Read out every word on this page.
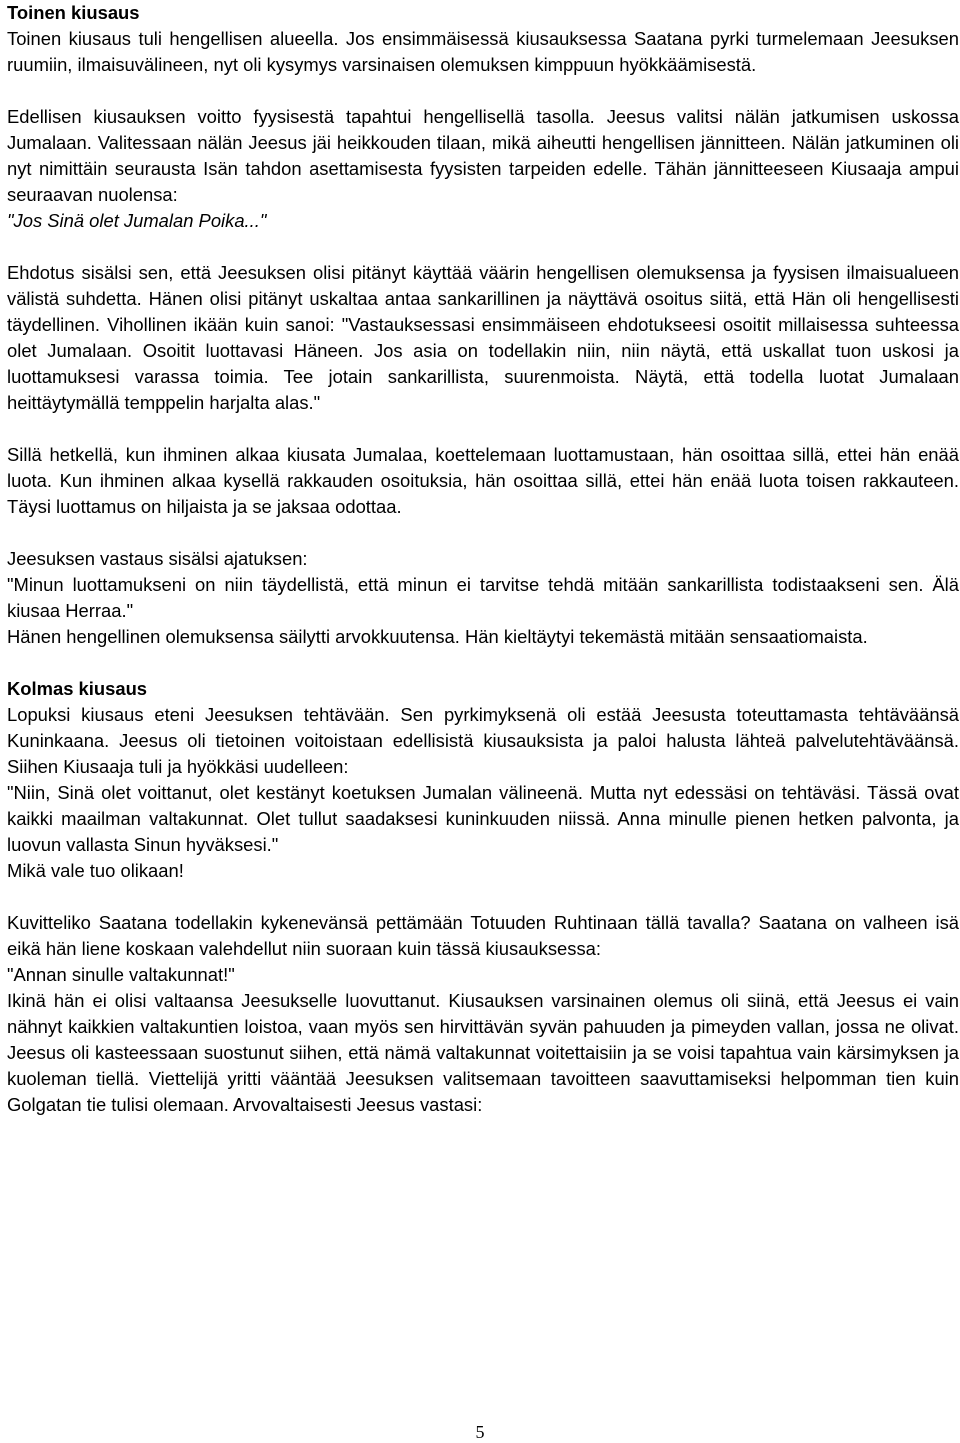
Toinen kiusaus

Toinen kiusaus tuli hengellisen alueella. Jos ensimmäisessä kiusauksessa Saatana pyrki turmelemaan Jeesuksen ruumiin, ilmaisuvälineen, nyt oli kysymys varsinaisen olemuksen kimppuun hyökkäämisestä.

Edellisen kiusauksen voitto fyysisestä tapahtui hengellisellä tasolla. Jeesus valitsi nälän jatkumisen uskossa Jumalaan. Valitessaan nälän Jeesus jäi heikkouden tilaan, mikä aiheutti hengellisen jännitteen. Nälän jatkuminen oli nyt nimittäin seurausta Isän tahdon asettamisesta fyysisten tarpeiden edelle. Tähän jännitteeseen Kiusaaja ampui seuraavan nuolensa:

"Jos Sinä olet Jumalan Poika..."

Ehdotus sisälsi sen, että Jeesuksen olisi pitänyt käyttää väärin hengellisen olemuksensa ja fyysisen ilmaisualueen välistä suhdetta. Hänen olisi pitänyt uskaltaa antaa sankarillinen ja näyttävä osoitus siitä, että Hän oli hengellisesti täydellinen. Vihollinen ikään kuin sanoi: "Vastauksessasi ensimmäiseen ehdotukseesi osoitit millaisessa suhteessa olet Jumalaan. Osoitit luottavasi Häneen. Jos asia on todellakin niin, niin näytä, että uskallat tuon uskosi ja luottamuksesi varassa toimia. Tee jotain sankarillista, suurenmoista. Näytä, että todella luotat Jumalaan heittäytymällä temppelin harjalta alas."

Sillä hetkellä, kun ihminen alkaa kiusata Jumalaa, koettelemaan luottamustaan, hän osoittaa sillä, ettei hän enää luota. Kun ihminen alkaa kysellä rakkauden osoituksia, hän osoittaa sillä, ettei hän enää luota toisen rakkauteen. Täysi luottamus on hiljaista ja se jaksaa odottaa.

Jeesuksen vastaus sisälsi ajatuksen:

"Minun luottamukseni on niin täydellistä, että minun ei tarvitse tehdä mitään sankarillista todistaakseni sen. Älä kiusaa Herraa."

Hänen hengellinen olemuksensa säilytti arvokkuutensa. Hän kieltäytyi tekemästä mitään sensaatiomaista.

Kolmas kiusaus

Lopuksi kiusaus eteni Jeesuksen tehtävään. Sen pyrkimyksenä oli estää Jeesusta toteuttamasta tehtäväänsä Kuninkaana. Jeesus oli tietoinen voitoistaan edellisistä kiusauksista ja paloi halusta lähteä palvelutehtäväänsä. Siihen Kiusaaja tuli ja hyökkäsi uudelleen:

"Niin, Sinä olet voittanut, olet kestänyt koetuksen Jumalan välineenä. Mutta nyt edessäsi on tehtäväsi. Tässä ovat kaikki maailman valtakunnat. Olet tullut saadaksesi kuninkuuden niissä. Anna minulle pienen hetken palvonta, ja luovun vallasta Sinun hyväksesi."

Mikä vale tuo olikaan!

Kuvitteliko Saatana todellakin kykenevänsä pettämään Totuuden Ruhtinaan tällä tavalla? Saatana on valheen isä eikä hän liene koskaan valehdellut niin suoraan kuin tässä kiusauksessa:

"Annan sinulle valtakunnat!"

Ikinä hän ei olisi valtaansa Jeesukselle luovuttanut. Kiusauksen varsinainen olemus oli siinä, että Jeesus ei vain nähnyt kaikkien valtakuntien loistoa, vaan myös sen hirvittävän syvän pahuuden ja pimeyden vallan, jossa ne olivat. Jeesus oli kasteessaan suostunut siihen, että nämä valtakunnat voitettaisiin ja se voisi tapahtua vain kärsimyksen ja kuoleman tiellä. Viettelijä yritti vääntää Jeesuksen valitsemaan tavoitteen saavuttamiseksi helpomman tien kuin Golgatan tie tulisi olemaan. Arvovaltaisesti Jeesus vastasi:

5
